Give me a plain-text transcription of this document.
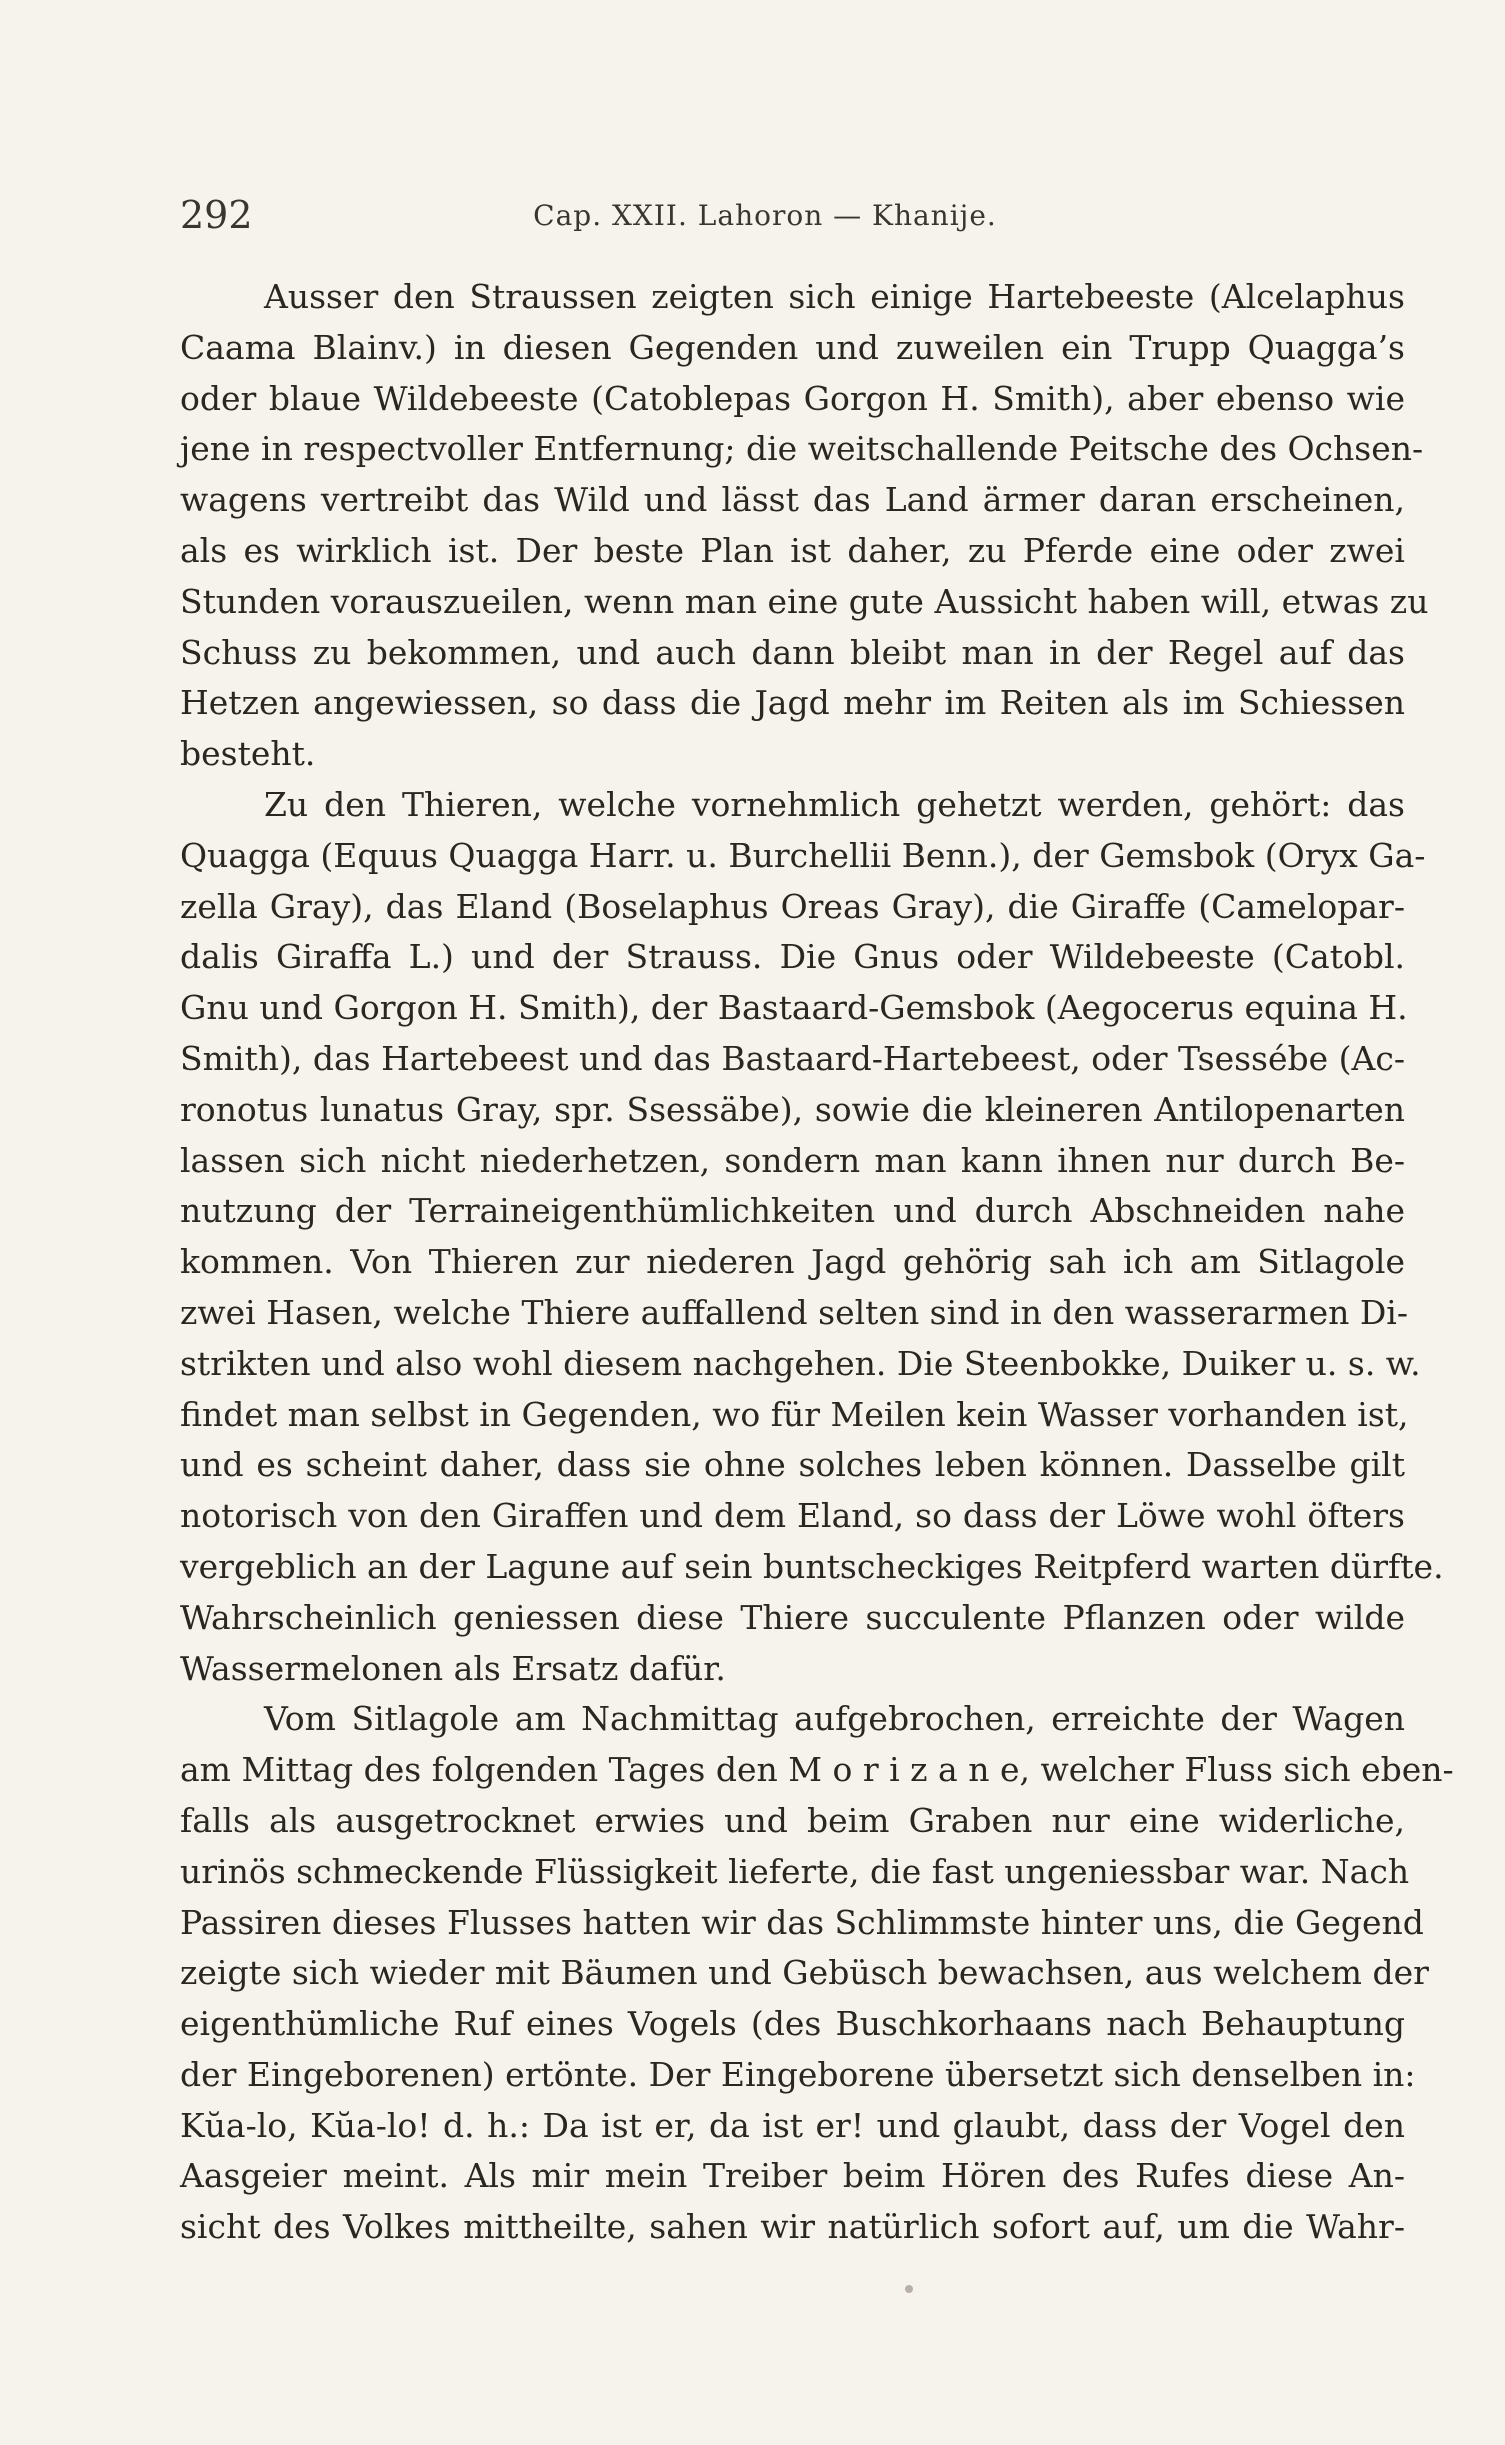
292	Cap. XXII. Lahoron — Khanije.
Ausser den Straussen zeigten sich einige Hartebeeste (Alcelaphus
Caama Blainv.) in diesen Gegenden und zuweilen ein Trupp Quagga’s
oder blaue Wildebeeste (Catoblepas Gorgon H. Smith), aber ebenso wie
jene in respectvoller Entfernung; die weitschallende Peitsche des Ochsen-
wagens vertreibt das Wild und lässt das Land ärmer daran erscheinen,
als es wirklich ist. Der beste Plan ist daher, zu Pferde eine oder zwei
Stunden vorauszueilen, wenn man eine gute Aussicht haben will, etwas zu
Schuss zu bekommen, und auch dann bleibt man in der Regel auf das
Hetzen angewiessen, so dass die Jagd mehr im Reiten als im Schiessen
besteht.
Zu den Thieren, welche vornehmlich gehetzt werden, gehört: das
Quagga (Equus Quagga Harr. u. Burchellii Benn.), der Gemsbok (Oryx Ga-
zella Gray), das Eland (Boselaphus Oreas Gray), die Giraffe (Camelopar-
dalis Giraffa L.) und der Strauss. Die Gnus oder Wildebeeste (Catobl.
Gnu und Gorgon H. Smith), der Bastaard-Gemsbok (Aegocerus equina H.
Smith), das Hartebeest und das Bastaard-Hartebeest, oder Tsessébe (Ac-
ronotus lunatus Gray, spr. Ssessäbe), sowie die kleineren Antilopenarten
lassen sich nicht niederhetzen, sondern man kann ihnen nur durch Be-
nutzung der Terraineigenthümlichkeiten und durch Abschneiden nahe
kommen. Von Thieren zur niederen Jagd gehörig sah ich am Sitlagole
zwei Hasen, welche Thiere auffallend selten sind in den wasserarmen Di-
strikten und also wohl diesem nachgehen. Die Steenbokke, Duiker u. s. w.
findet man selbst in Gegenden, wo für Meilen kein Wasser vorhanden ist,
und es scheint daher, dass sie ohne solches leben können. Dasselbe gilt
notorisch von den Giraffen und dem Eland, so dass der Löwe wohl öfters
vergeblich an der Lagune auf sein buntscheckiges Reitpferd warten dürfte.
Wahrscheinlich geniessen diese Thiere succulente Pflanzen oder wilde
Wassermelonen als Ersatz dafür.
Vom Sitlagole am Nachmittag aufgebrochen, erreichte der Wagen
am Mittag des folgenden Tages den M o r i z a n e, welcher Fluss sich eben-
falls als ausgetrocknet erwies und beim Graben nur eine widerliche,
urinös schmeckende Flüssigkeit lieferte, die fast ungeniessbar war. Nach
Passiren dieses Flusses hatten wir das Schlimmste hinter uns, die Gegend
zeigte sich wieder mit Bäumen und Gebüsch bewachsen, aus welchem der
eigenthümliche Ruf eines Vogels (des Buschkorhaans nach Behauptung
der Eingeborenen) ertönte. Der Eingeborene übersetzt sich denselben in:
Kŭa-lo, Kŭa-lo! d. h.: Da ist er, da ist er! und glaubt, dass der Vogel den
Aasgeier meint. Als mir mein Treiber beim Hören des Rufes diese An-
sicht des Volkes mittheilte, sahen wir natürlich sofort auf, um die Wahr-
